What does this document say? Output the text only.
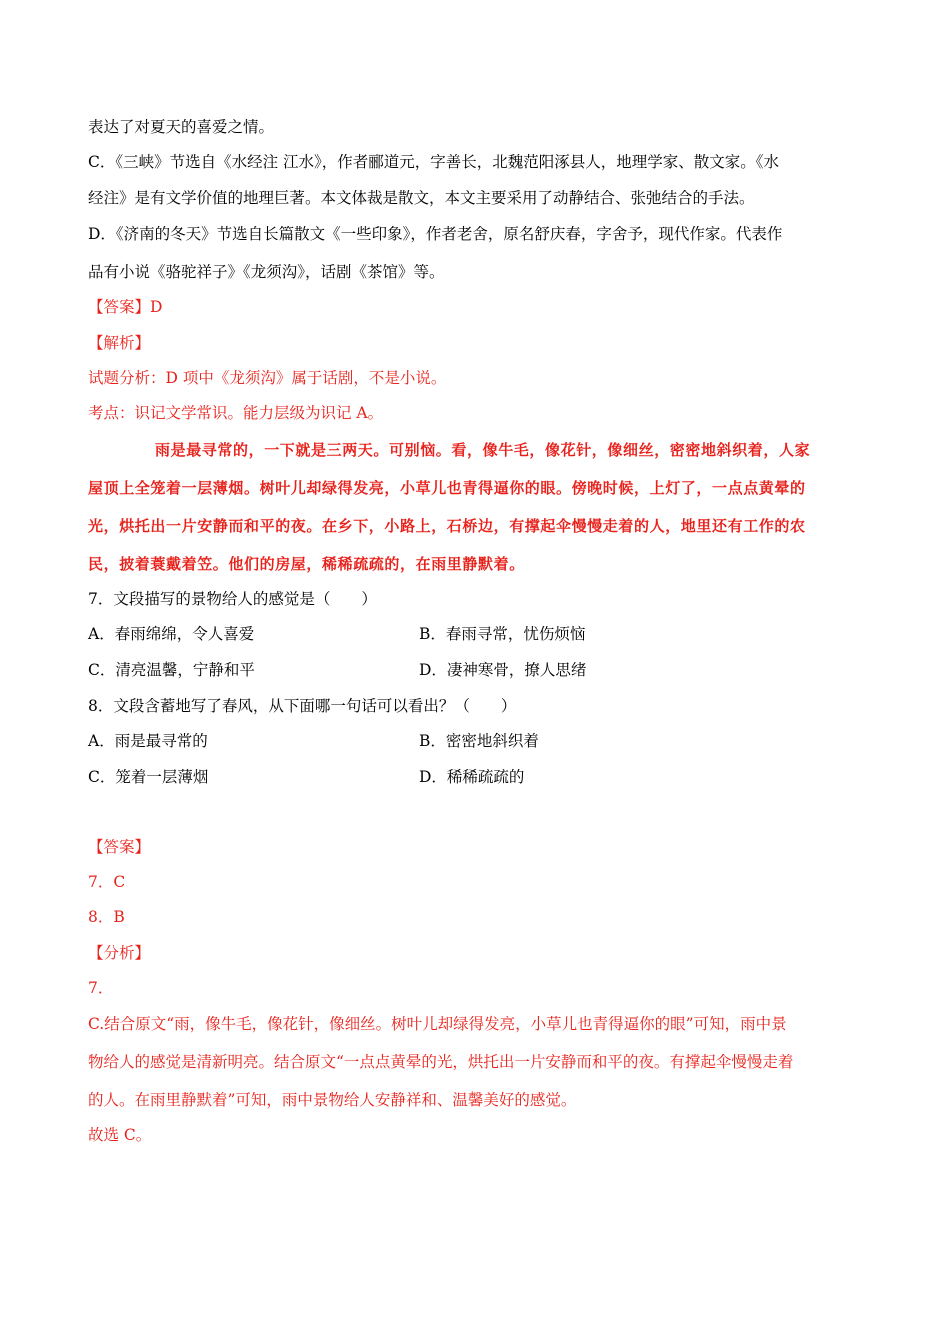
表达了对夏天的喜爱之情。
C．《三峡》节选自《水经注 江水》，作者郦道元，字善长，北魏范阳涿县人，地理学家、散文家。《水
经注》是有文学价值的地理巨著。本文体裁是散文，本文主要采用了动静结合、张弛结合的手法。
D．《济南的冬天》节选自长篇散文《一些印象》，作者老舍，原名舒庆春，字舍予，现代作家。代表作
品有小说《骆驼祥子》《龙须沟》，话剧《茶馆》等。
【答案】D
【解析】
试题分析：D 项中《龙须沟》属于话剧，不是小说。
考点：识记文学常识。能力层级为识记 A。
雨是最寻常的，一下就是三两天。可别恼。看，像牛毛，像花针，像细丝，密密地斜织着，人家
屋顶上全笼着一层薄烟。树叶儿却绿得发亮，小草儿也青得逼你的眼。傍晚时候，上灯了，一点点黄晕的
光，烘托出一片安静而和平的夜。在乡下，小路上，石桥边，有撑起伞慢慢走着的人，地里还有工作的农
民，披着蓑戴着笠。他们的房屋，稀稀疏疏的，在雨里静默着。
7．文段描写的景物给人的感觉是（　　）
A．春雨绵绵，令人喜爱	B．春雨寻常，忧伤烦恼
C．清亮温馨，宁静和平	D．凄神寒骨，撩人思绪
8．文段含蓄地写了春风，从下面哪一句话可以看出？（　　）
A．雨是最寻常的	B．密密地斜织着
C．笼着一层薄烟	D．稀稀疏疏的
【答案】
7．C
8．B
【分析】
7．
C.结合原文“雨，像牛毛，像花针，像细丝。树叶儿却绿得发亮，小草儿也青得逼你的眼”可知，雨中景
物给人的感觉是清新明亮。结合原文“一点点黄晕的光，烘托出一片安静而和平的夜。有撑起伞慢慢走着
的人。在雨里静默着”可知，雨中景物给人安静祥和、温馨美好的感觉。
故选 C。
